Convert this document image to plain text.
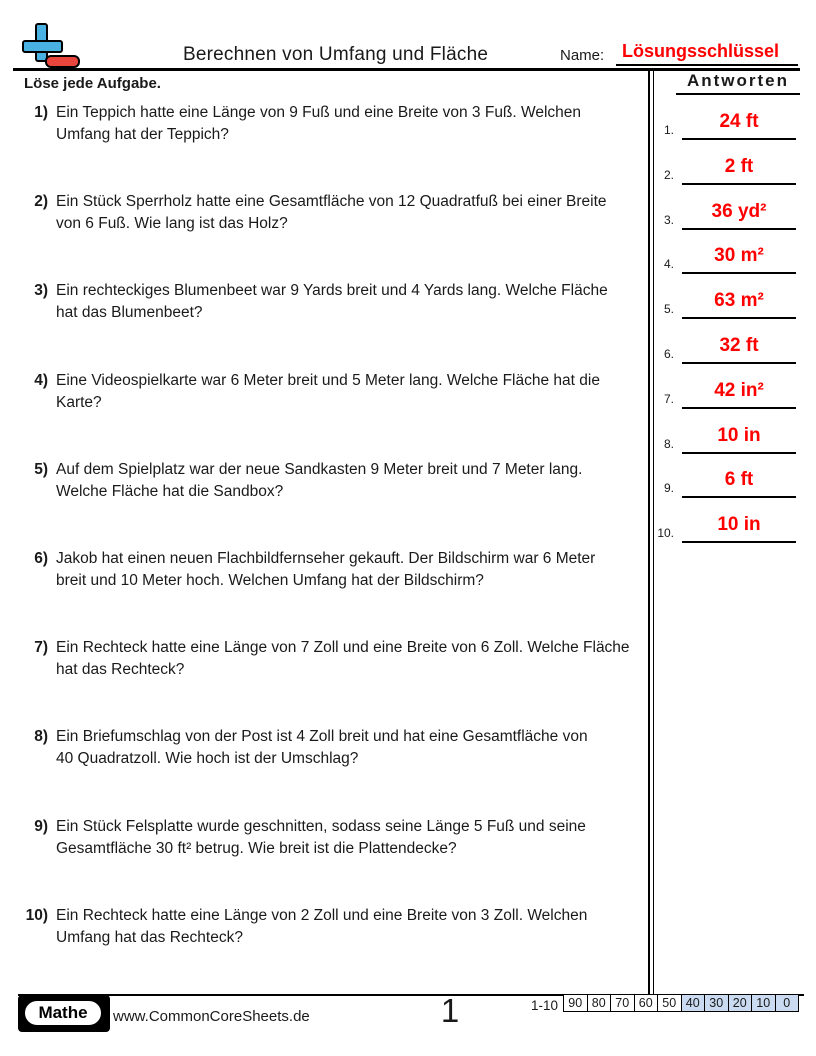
Berechnen von Umfang und Fläche	Name: Lösungsschlüssel
Löse jede Aufgabe.
1) Ein Teppich hatte eine Länge von 9 Fuß und eine Breite von 3 Fuß. Welchen
Umfang hat der Teppich?
2) Ein Stück Sperrholz hatte eine Gesamtfläche von 12 Quadratfuß bei einer Breite
von 6 Fuß. Wie lang ist das Holz?
3) Ein rechteckiges Blumenbeet war 9 Yards breit und 4 Yards lang. Welche Fläche
hat das Blumenbeet?
4) Eine Videospielkarte war 6 Meter breit und 5 Meter lang. Welche Fläche hat die
Karte?
5) Auf dem Spielplatz war der neue Sandkasten 9 Meter breit und 7 Meter lang.
Welche Fläche hat die Sandbox?
6) Jakob hat einen neuen Flachbildfernseher gekauft. Der Bildschirm war 6 Meter
breit und 10 Meter hoch. Welchen Umfang hat der Bildschirm?
7) Ein Rechteck hatte eine Länge von 7 Zoll und eine Breite von 6 Zoll. Welche Fläche
hat das Rechteck?
8) Ein Briefumschlag von der Post ist 4 Zoll breit und hat eine Gesamtfläche von
40 Quadratzoll. Wie hoch ist der Umschlag?
9) Ein Stück Felsplatte wurde geschnitten, sodass seine Länge 5 Fuß und seine
Gesamtfläche 30 ft² betrug. Wie breit ist die Plattendecke?
10) Ein Rechteck hatte eine Länge von 2 Zoll und eine Breite von 3 Zoll. Welchen
Umfang hat das Rechteck?
Antworten
1.	24 ft
2.	2 ft
3.	36 yd²
4.	30 m²
5.	63 m²
6.	32 ft
7.	42 in²
8.	10 in
9.	6 ft
10.	10 in
Mathe	www.CommonCoreSheets.de	1	1-10 90 80 70 60 50 40 30 20 10	0
